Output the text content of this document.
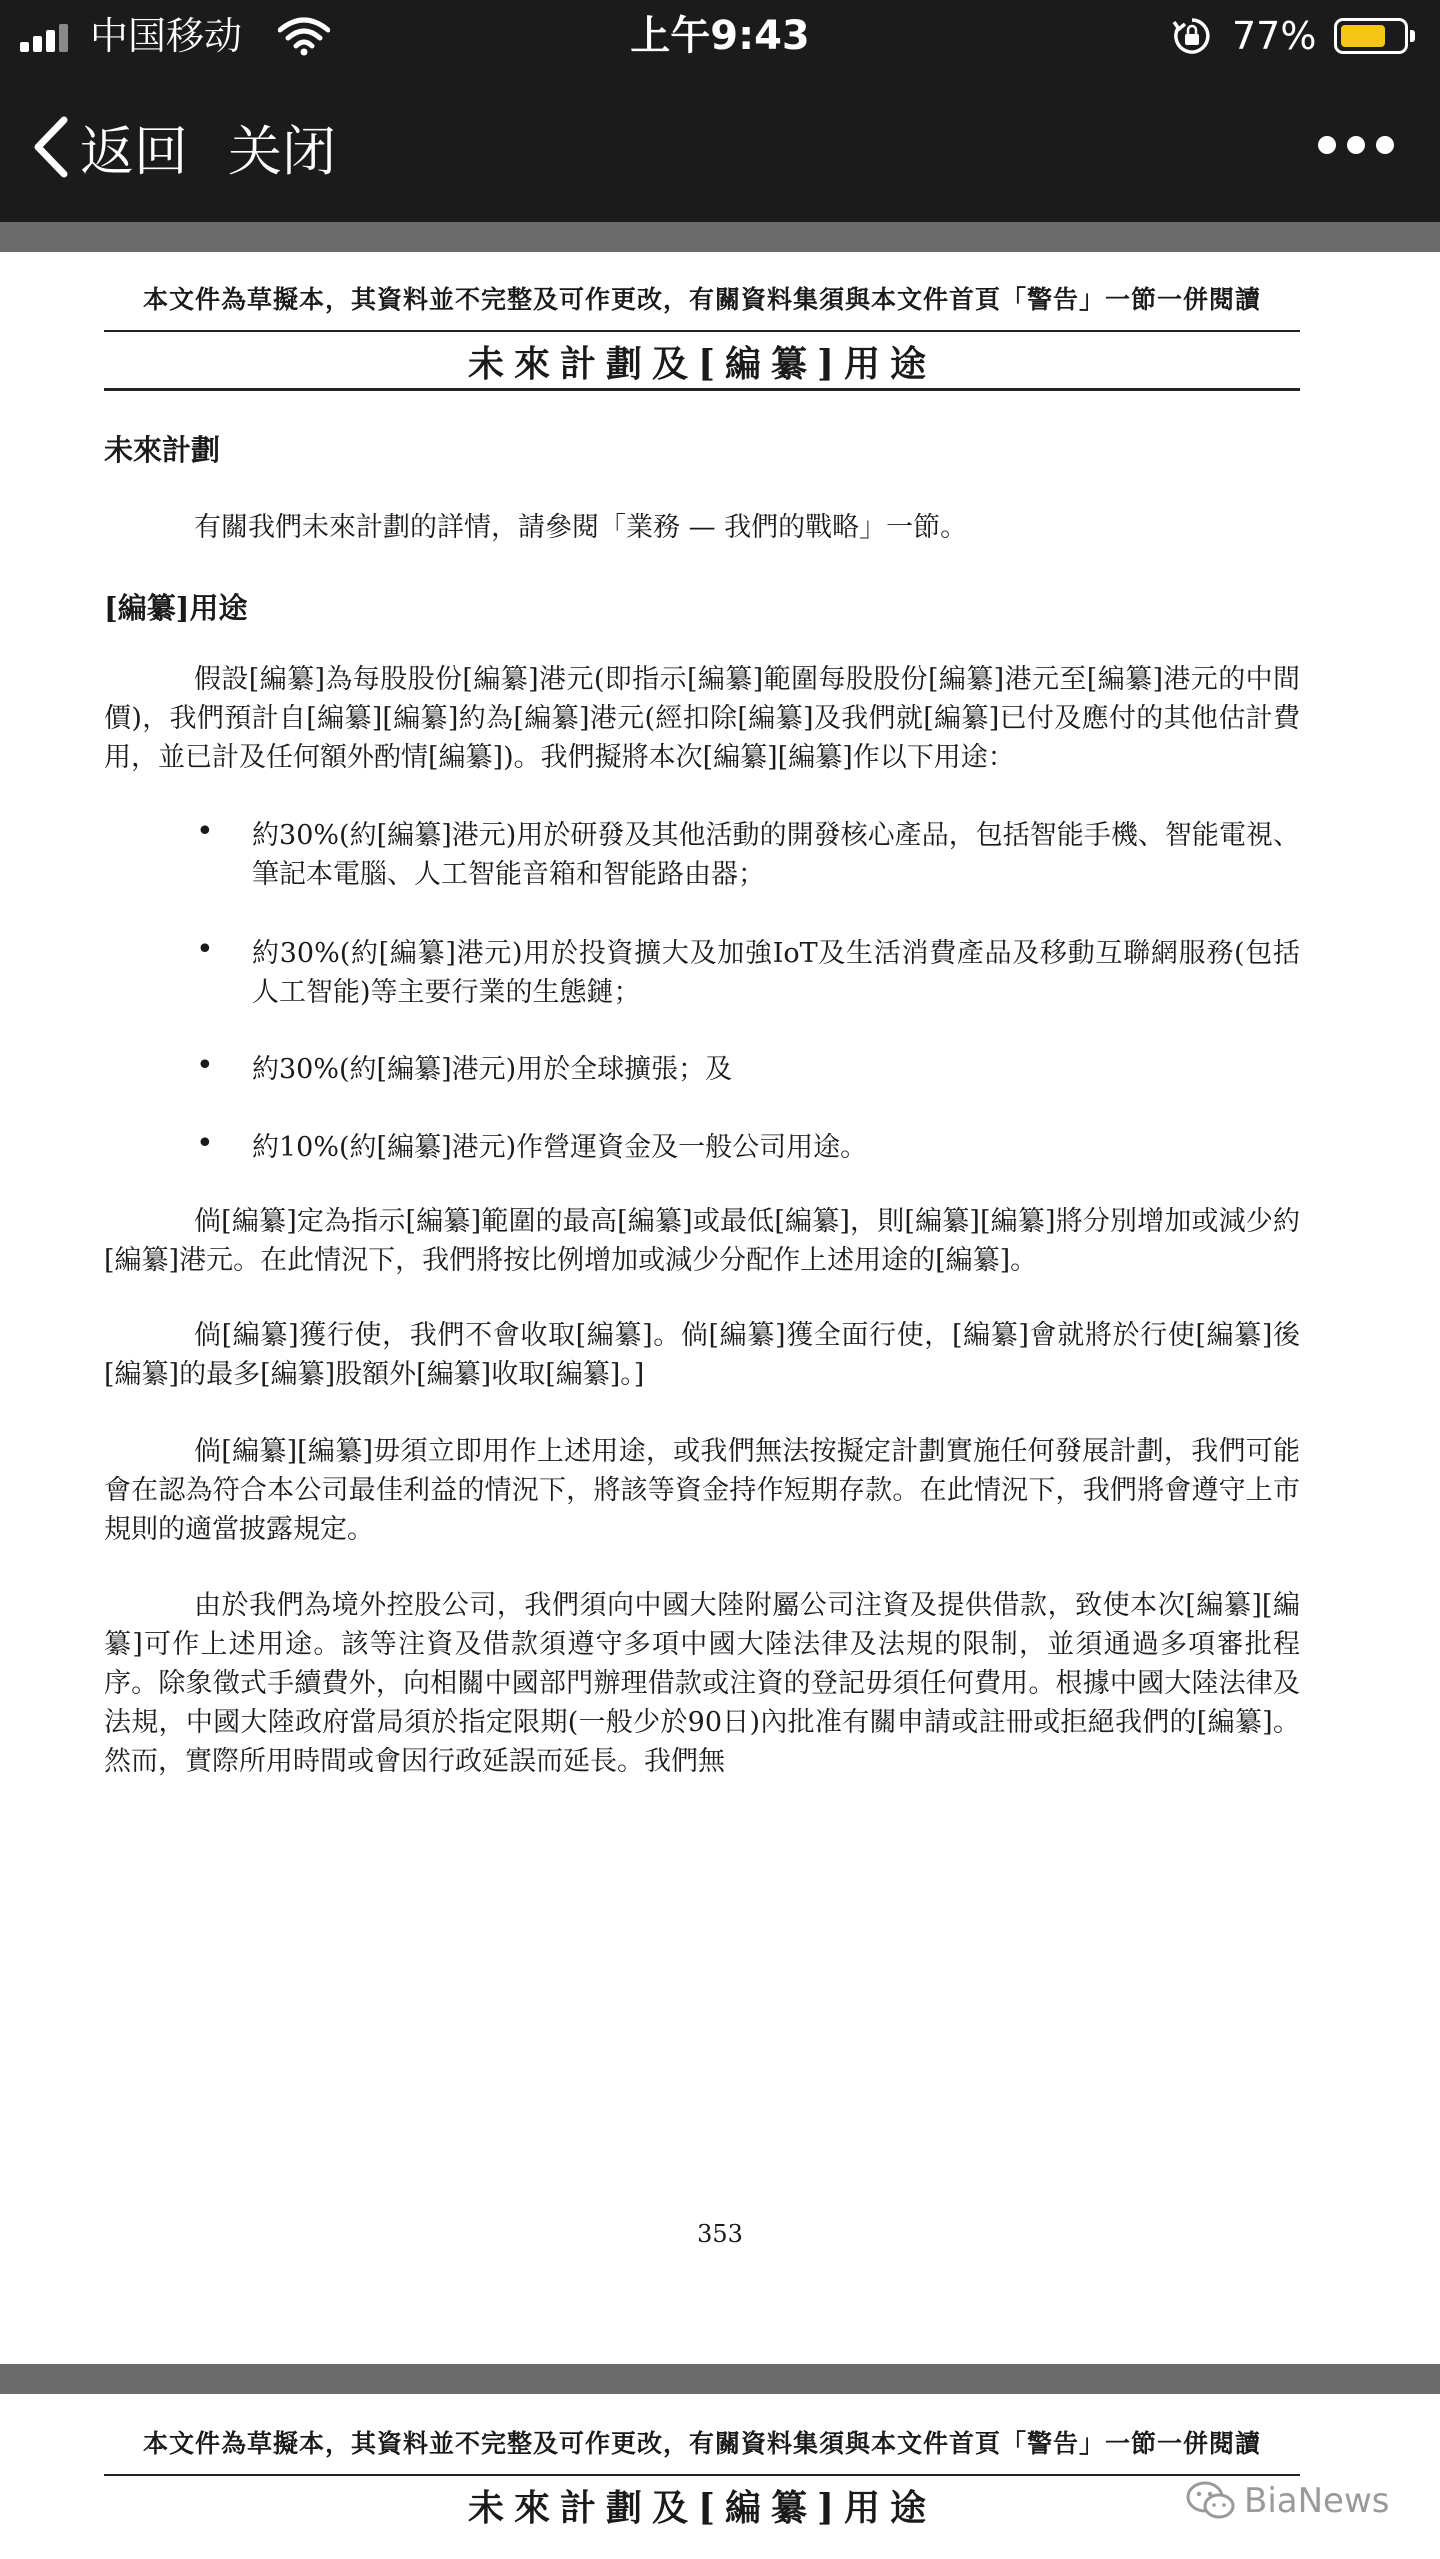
中国移动	上午9:43	77%
返回 关闭
本文件為草擬本，其資料並不完整及可作更改，有關資料集須與本文件首頁「警告」一節一併閱讀
未來計劃及[編纂]用途
未來計劃
有關我們未來計劃的詳情，請參閱「業務 — 我們的戰略」一節。
[編纂]用途
假設[編纂]為每股股份[編纂]港元(即指示[編纂]範圍每股股份[編纂]港元至[編纂]港元的中間價)，我們預計自[編纂][編纂]約為[編纂]港元(經扣除[編纂]及我們就[編纂]已付及應付的其他估計費用，並已計及任何額外酌情[編纂])。我們擬將本次[編纂][編纂]作以下用途：
• 約30%(約[編纂]港元)用於研發及其他活動的開發核心產品，包括智能手機、智能電視、筆記本電腦、人工智能音箱和智能路由器；
• 約30%(約[編纂]港元)用於投資擴大及加強IoT及生活消費產品及移動互聯網服務(包括人工智能)等主要行業的生態鏈；
• 約30%(約[編纂]港元)用於全球擴張；及
• 約10%(約[編纂]港元)作營運資金及一般公司用途。
倘[編纂]定為指示[編纂]範圍的最高[編纂]或最低[編纂]，則[編纂][編纂]將分別增加或減少約[編纂]港元。在此情況下，我們將按比例增加或減少分配作上述用途的[編纂]。
倘[編纂]獲行使，我們不會收取[編纂]。倘[編纂]獲全面行使，[編纂]會就將於行使[編纂]後[編纂]的最多[編纂]股額外[編纂]收取[編纂]。]
倘[編纂][編纂]毋須立即用作上述用途，或我們無法按擬定計劃實施任何發展計劃，我們可能會在認為符合本公司最佳利益的情況下，將該等資金持作短期存款。在此情況下，我們將會遵守上市規則的適當披露規定。
由於我們為境外控股公司，我們須向中國大陸附屬公司注資及提供借款，致使本次[編纂][編纂]可作上述用途。該等注資及借款須遵守多項中國大陸法律及法規的限制，並須通過多項審批程序。除象徵式手續費外，向相關中國部門辦理借款或注資的登記毋須任何費用。根據中國大陸法律及法規，中國大陸政府當局須於指定限期(一般少於90日)內批准有關申請或註冊或拒絕我們的[編纂]。然而，實際所用時間或會因行政延誤而延長。我們無
353
本文件為草擬本，其資料並不完整及可作更改，有關資料集須與本文件首頁「警告」一節一併閱讀
未來計劃及[編纂]用途	BiaNews
